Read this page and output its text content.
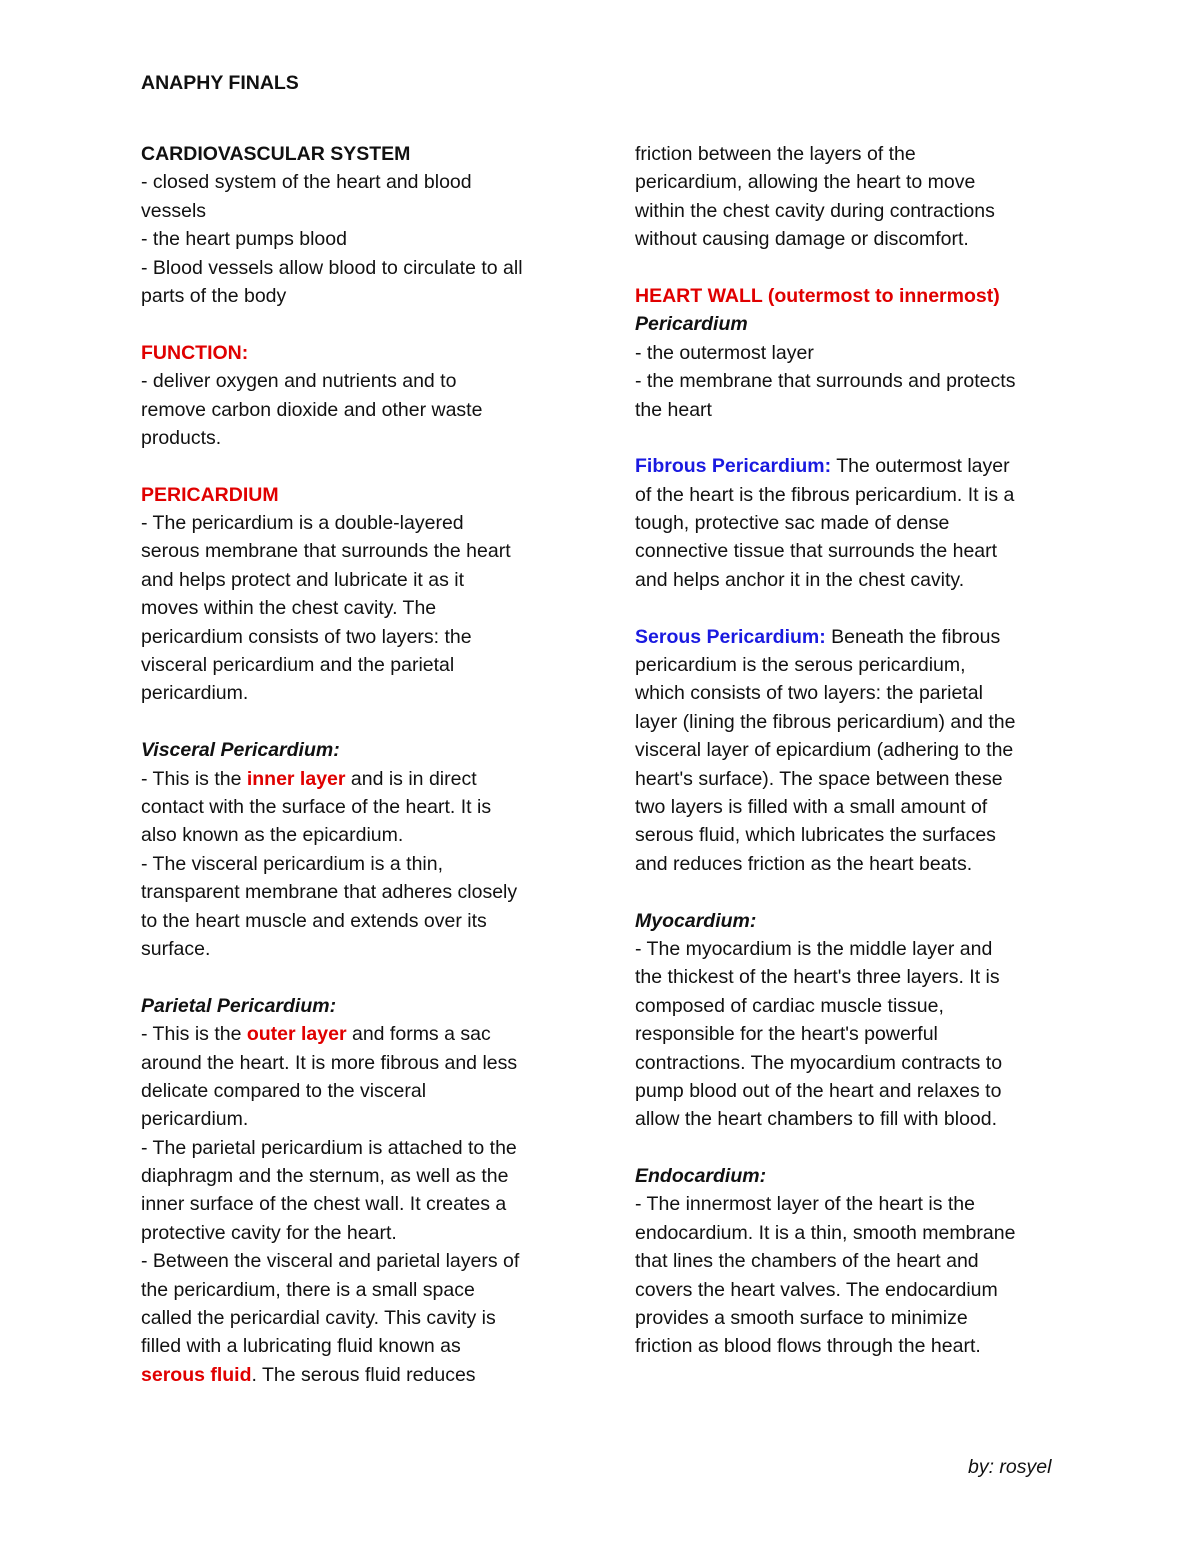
ANAPHY FINALS
CARDIOVASCULAR SYSTEM
- closed system of the heart and blood
vessels
- the heart pumps blood
- Blood vessels allow blood to circulate to all
parts of the body
FUNCTION:
- deliver oxygen and nutrients and to
remove carbon dioxide and other waste
products.
PERICARDIUM
- The pericardium is a double-layered
serous membrane that surrounds the heart
and helps protect and lubricate it as it
moves within the chest cavity. The
pericardium consists of two layers: the
visceral pericardium and the parietal
pericardium.
Visceral Pericardium:
- This is the inner layer and is in direct
contact with the surface of the heart. It is
also known as the epicardium.
- The visceral pericardium is a thin,
transparent membrane that adheres closely
to the heart muscle and extends over its
surface.
Parietal Pericardium:
- This is the outer layer and forms a sac
around the heart. It is more fibrous and less
delicate compared to the visceral
pericardium.
- The parietal pericardium is attached to the
diaphragm and the sternum, as well as the
inner surface of the chest wall. It creates a
protective cavity for the heart.
- Between the visceral and parietal layers of
the pericardium, there is a small space
called the pericardial cavity. This cavity is
filled with a lubricating fluid known as
serous fluid. The serous fluid reduces
friction between the layers of the
pericardium, allowing the heart to move
within the chest cavity during contractions
without causing damage or discomfort.
HEART WALL (outermost to innermost)
Pericardium
- the outermost layer
- the membrane that surrounds and protects
the heart
Fibrous Pericardium: The outermost layer
of the heart is the fibrous pericardium. It is a
tough, protective sac made of dense
connective tissue that surrounds the heart
and helps anchor it in the chest cavity.
Serous Pericardium: Beneath the fibrous
pericardium is the serous pericardium,
which consists of two layers: the parietal
layer (lining the fibrous pericardium) and the
visceral layer of epicardium (adhering to the
heart's surface). The space between these
two layers is filled with a small amount of
serous fluid, which lubricates the surfaces
and reduces friction as the heart beats.
Myocardium:
- The myocardium is the middle layer and
the thickest of the heart's three layers. It is
composed of cardiac muscle tissue,
responsible for the heart's powerful
contractions. The myocardium contracts to
pump blood out of the heart and relaxes to
allow the heart chambers to fill with blood.
Endocardium:
- The innermost layer of the heart is the
endocardium. It is a thin, smooth membrane
that lines the chambers of the heart and
covers the heart valves. The endocardium
provides a smooth surface to minimize
friction as blood flows through the heart.
by: rosyel
